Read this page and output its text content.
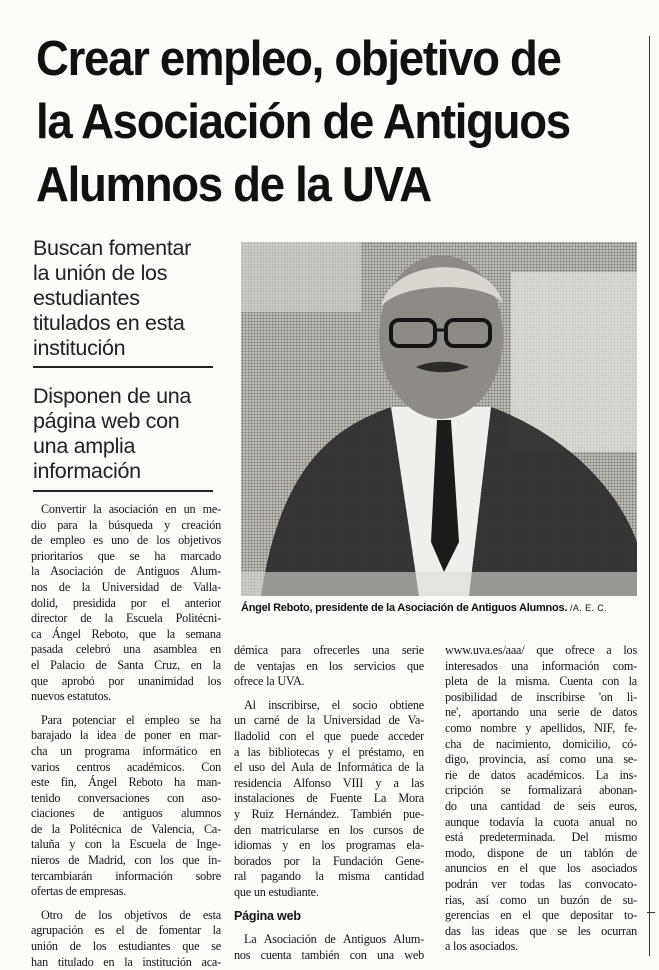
Crear empleo, objetivo de
la Asociación de Antiguos
Alumnos de la UVA
Buscan fomentar
la unión de los
estudiantes
titulados en esta
institución
Disponen de una
página web con
una amplia
información
Ángel Reboto, presidente de la Asociación de Antiguos Alumnos. /A. E. C.
Convertir la asociación en un me-
dio para la búsqueda y creación
de empleo es uno de los objetivos
prioritarios que se ha marcado
la Asociación de Antiguos Alum-
nos de la Universidad de Valla-
dolid, presidida por el anterior
director de la Escuela Politécni-
ca Ángel Reboto, que la semana
pasada celebró una asamblea en
el Palacio de Santa Cruz, en la
que aprobó por unanimidad los
nuevos estatutos.
Para potenciar el empleo se ha
barajado la idea de poner en mar-
cha un programa informático en
varios centros académicos. Con
este fin, Ángel Reboto ha man-
tenido conversaciones con aso-
ciaciones de antiguos alumnos
de la Politécnica de Valencia, Ca-
taluña y con la Escuela de Inge-
nieros de Madrid, con los que in-
tercambiarán información sobre
ofertas de empresas.
Otro de los objetivos de esta
agrupación es el de fomentar la
unión de los estudiantes que se
han titulado en la institución aca-
démica para ofrecerles una serie
de ventajas en los servicios que
ofrece la UVA.
Al inscribirse, el socio obtiene
un carné de la Universidad de Va-
lladolid con el que puede acceder
a las bibliotecas y el préstamo, en
el uso del Aula de Informática de la
residencia Alfonso VIII y a las
instalaciones de Fuente La Mora
y Ruiz Hernández. También pue-
den matricularse en los cursos de
idiomas y en los programas ela-
borados por la Fundación Gene-
ral pagando la misma cantidad
que un estudiante.
Página web
La Asociación de Antiguos Alum-
nos cuenta también con una web
www.uva.es/aaa/ que ofrece a los
interesados una información com-
pleta de la misma. Cuenta con la
posibilidad de inscribirse 'on li-
ne', aportando una serie de datos
como nombre y apellidos, NIF, fe-
cha de nacimiento, domicilio, có-
digo, provincia, así como una se-
rie de datos académicos. La ins-
cripción se formalizará abonan-
do una cantidad de seis euros,
aunque todavía la cuota anual no
está predeterminada. Del mismo
modo, dispone de un tablón de
anuncios en el que los asociados
podrán ver todas las convocato-
rias, así como un buzón de su-
gerencias en el que depositar to-
das las ideas que se les ocurran
a los asociados.
